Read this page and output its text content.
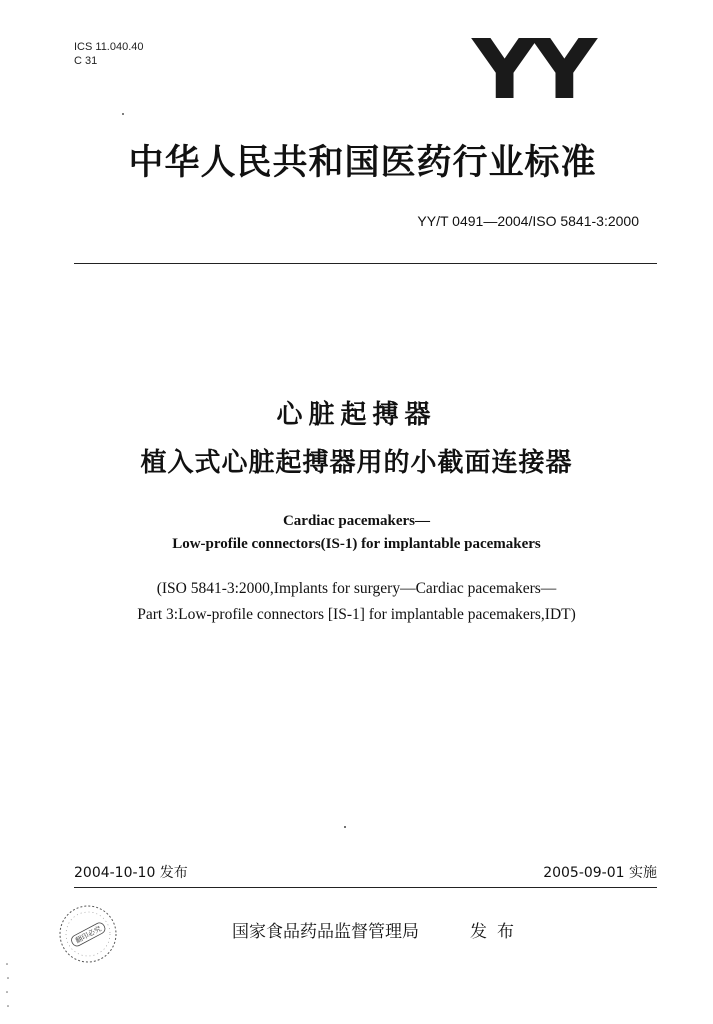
ICS 11.040.40
C 31	YY
中华人民共和国医药行业标准
YY/T 0491—2004/ISO 5841-3:2000
心脏起搏器
植入式心脏起搏器用的小截面连接器
Cardiac pacemakers—
Low-profile connectors(IS-1) for implantable pacemakers
(ISO 5841-3:2000,Implants for surgery—Cardiac pacemakers—
Part 3:Low-profile connectors [IS-1] for implantable pacemakers,IDT)
2004-10-10 发布	2005-09-01 实施
翻印必究	国家食品药品监督管理局	发布
